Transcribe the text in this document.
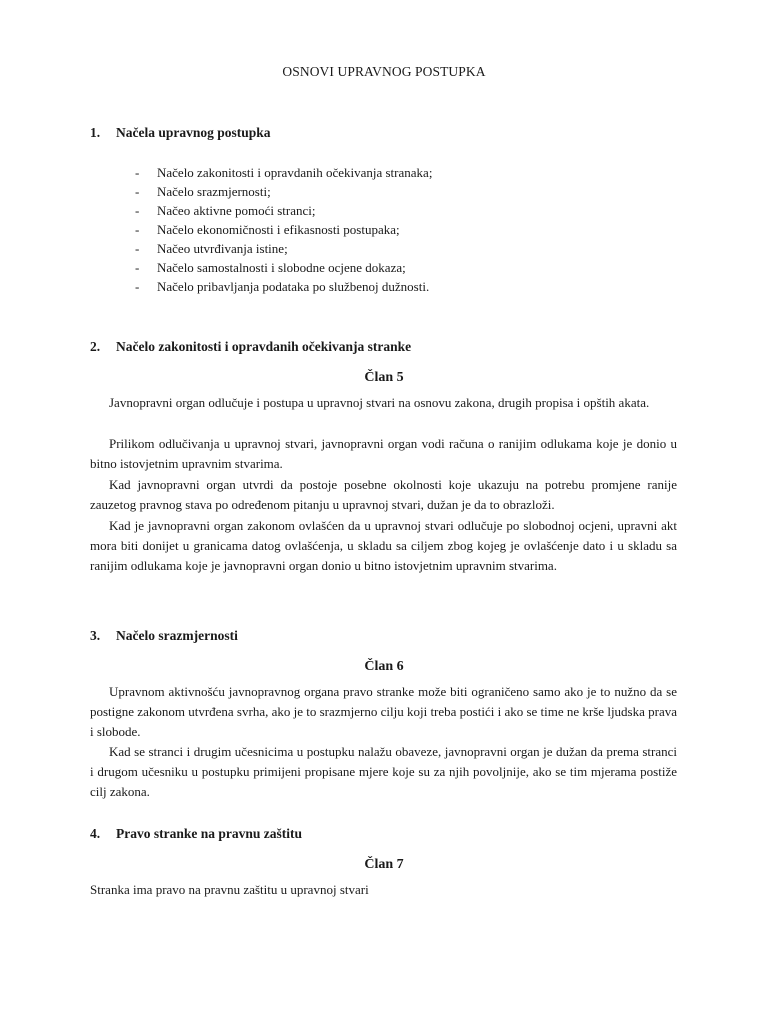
OSNOVI UPRAVNOG POSTUPKA
1.	Načela upravnog postupka
-	Načelo zakonitosti i opravdanih očekivanja stranaka;
-	Načelo srazmjernosti;
-	Načeo aktivne pomoći stranci;
-	Načelo ekonomičnosti i efikasnosti postupaka;
-	Načeo utvrđivanja istine;
-	Načelo samostalnosti i slobodne ocjene dokaza;
-	Načelo pribavljanja podataka po službenoj dužnosti.
2.	Načelo zakonitosti i opravdanih očekivanja stranke
Član 5

Javnopravni organ odlučuje i postupa u upravnoj stvari na osnovu zakona, drugih propisa i opštih akata.

Prilikom odlučivanja u upravnoj stvari, javnopravni organ vodi računa o ranijim odlukama koje je donio u bitno istovjetnim upravnim stvarima.

Kad javnopravni organ utvrdi da postoje posebne okolnosti koje ukazuju na potrebu promjene ranije zauzetog pravnog stava po određenom pitanju u upravnoj stvari, dužan je da to obrazloži.

Kad je javnopravni organ zakonom ovlašćen da u upravnoj stvari odlučuje po slobodnoj ocjeni, upravni akt mora biti donijet u granicama datog ovlašćenja, u skladu sa ciljem zbog kojeg je ovlašćenje dato i u skladu sa ranijim odlukama koje je javnopravni organ donio u bitno istovjetnim upravnim stvarima.

3.	Načelo srazmjernosti
Član 6

Upravnom aktivnošću javnopravnog organa pravo stranke može biti ograničeno samo ako je to nužno da se postigne zakonom utvrđena svrha, ako je to srazmjerno cilju koji treba postići i ako se time ne krše ljudska prava i slobode.

Kad se stranci i drugim učesnicima u postupku nalažu obaveze, javnopravni organ je dužan da prema stranci i drugom učesniku u postupku primijeni propisane mjere koje su za njih povoljnije, ako se tim mjerama postiže cilj zakona.

4.	Pravo stranke na pravnu zaštitu
Član 7

Stranka ima pravo na pravnu zaštitu u upravnoj stvari
